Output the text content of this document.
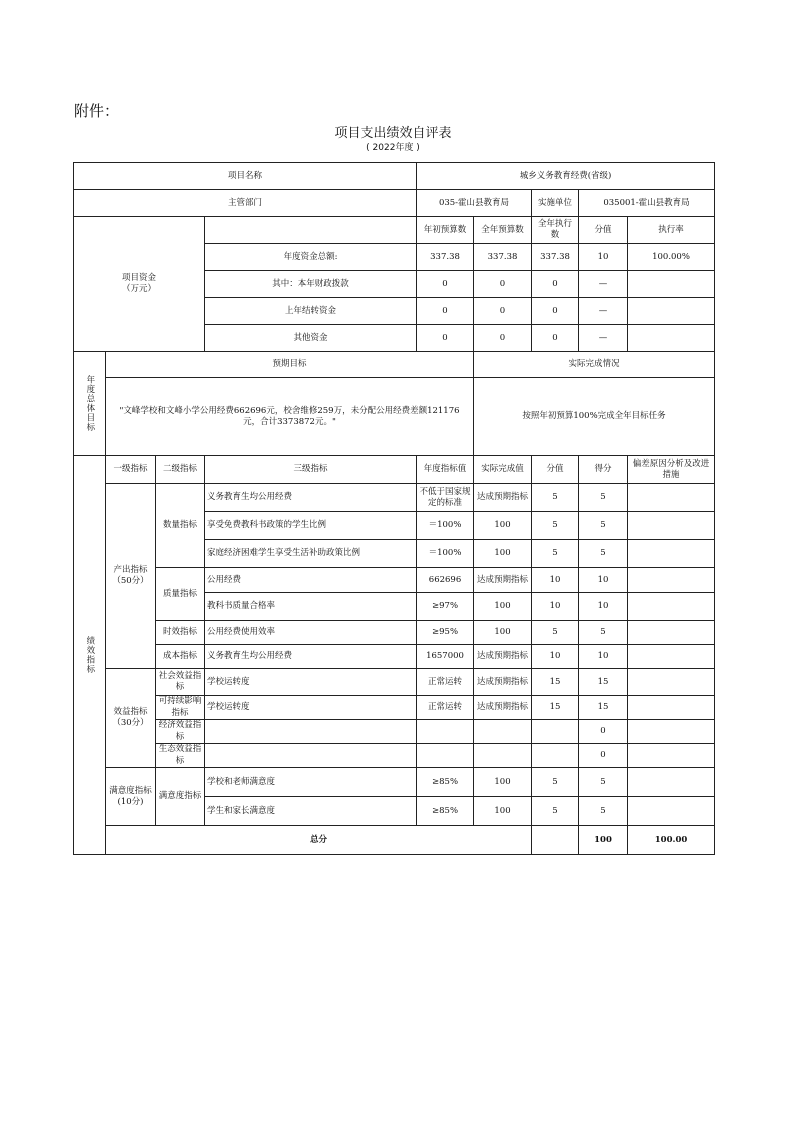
附件：
项目支出绩效自评表
( 2022年度 )
项目名称				城乡义务教育经费(省级)					
主管部门				035-霍山县教育局		实施单位	035001-霍山县教育局		

项目资金
（万元）				年初预算数	全年预算数	全年执行数	分值	执行率	
			年度资金总额:	337.38	337.38	337.38	10	100.00%	
			其中：本年财政拨款	0	0	0	—		
			上年结转资金	0	0	0	—		
			其他资金	0	0	0	—		
年度总体目标	预期目标				实际完成情况				
	"文峰学校和文峰小学公用经费662696元，校舍维修259万，未分配公用经费差额121176元，合计3373872元。"				按照年初预算100%完成全年目标任务				
绩效指标	一级指标	二级指标	三级指标	年度指标值	实际完成值	分值	得分	偏差原因分析及改进措施	
	产出指标（50分）	数量指标	义务教育生均公用经费	不低于国家规定的标准	达成预期指标	5	5		
			享受免费教科书政策的学生比例	＝100%	100	5	5		
			家庭经济困难学生享受生活补助政策比例	＝100%	100	5	5		
		质量指标	公用经费	662696	达成预期指标	10	10		
			教科书质量合格率	≥97%	100	10	10		
		时效指标	公用经费使用效率	≥95%	100	5	5		
		成本指标	义务教育生均公用经费	1657000	达成预期指标	10	10		
	效益指标（30分）	社会效益指标	学校运转度	正常运转	达成预期指标	15	15		
		可持续影响指标	学校运转度	正常运转	达成预期指标	15	15		
		经济效益指标					0		
		生态效益指标					0		
	满意度指标(10分)	满意度指标	学校和老师满意度	≥85%	100	5	5		
			学生和家长满意度	≥85%	100	5	5		
	总分						100	100.00	
